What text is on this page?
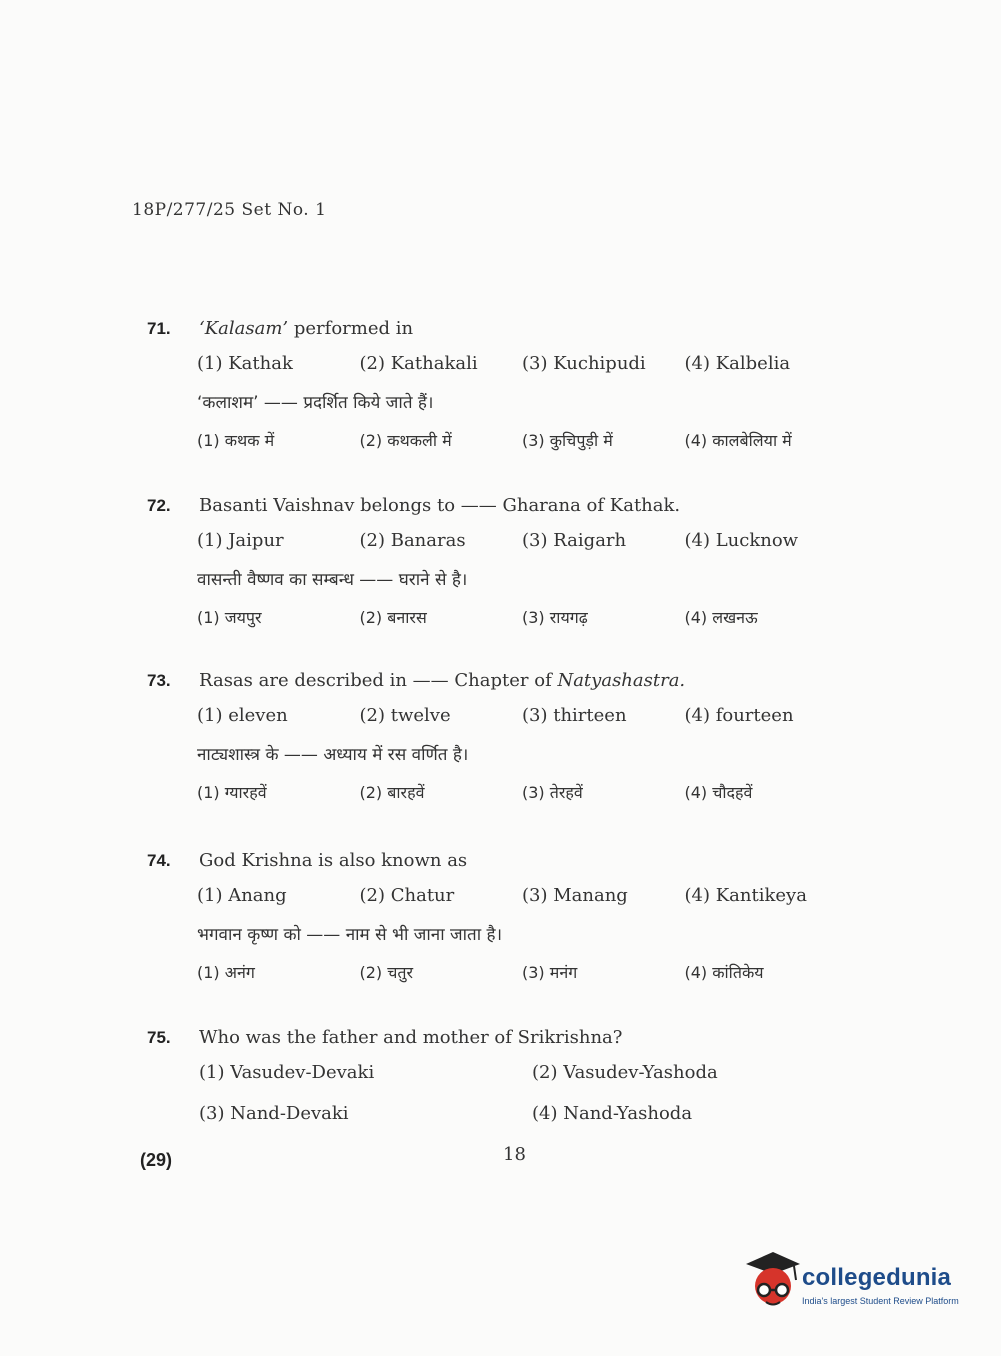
18P/277/25 Set No. 1
71.	‘Kalasam’ performed in
(1) Kathak	(2) Kathakali	(3) Kuchipudi	(4) Kalbelia
‘कलाशम’ —— प्रदर्शित किये जाते हैं।
(1) कथक में	(2) कथकली में	(3) कुचिपुड़ी में	(4) कालबेलिया में
72.	Basanti Vaishnav belongs to —— Gharana of Kathak.
(1) Jaipur	(2) Banaras	(3) Raigarh	(4) Lucknow
वासन्ती वैष्णव का सम्बन्ध —— घराने से है।
(1) जयपुर	(2) बनारस	(3) रायगढ़	(4) लखनऊ
73.	Rasas are described in —— Chapter of Natyashastra.
(1) eleven	(2) twelve	(3) thirteen	(4) fourteen
नाट्यशास्त्र के —— अध्याय में रस वर्णित है।
(1) ग्यारहवें	(2) बारहवें	(3) तेरहवें	(4) चौदहवें
74.	God Krishna is also known as
(1) Anang	(2) Chatur	(3) Manang	(4) Kantikeya
भगवान कृष्ण को —— नाम से भी जाना जाता है।
(1) अनंग	(2) चतुर	(3) मनंग	(4) कांतिकेय
75.	Who was the father and mother of Srikrishna?
(1) Vasudev-Devaki	(2) Vasudev-Yashoda
(3) Nand-Devaki	(4) Nand-Yashoda
(29)	18
collegedunia
India's largest Student Review Platform
